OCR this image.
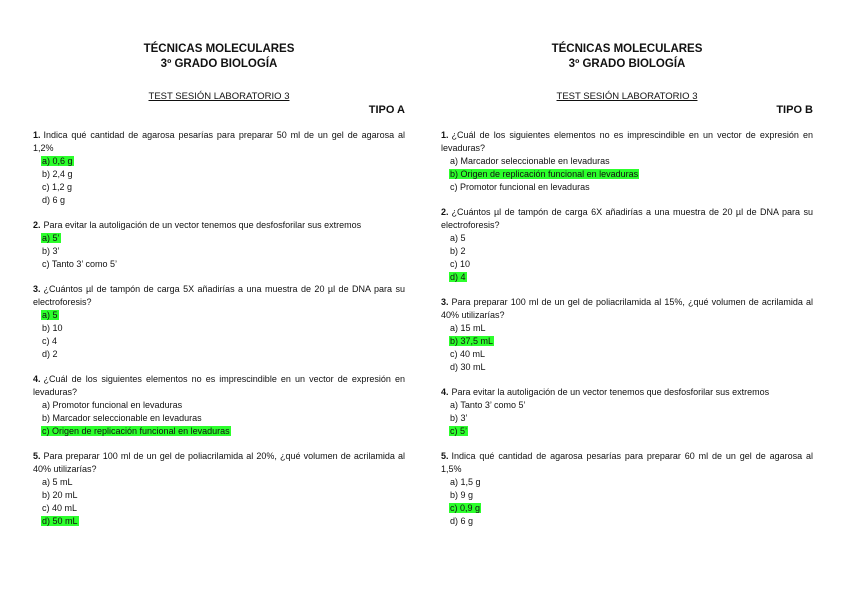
TÉCNICAS MOLECULARES
3º GRADO BIOLOGÍA
TEST SESIÓN LABORATORIO 3
TIPO A
1. Indica qué cantidad de agarosa pesarías para preparar 50 ml de un gel de agarosa al 1,2%
a) 0,6 g
b) 2,4 g
c) 1,2 g
d) 6 g
2. Para evitar la autoligación de un vector tenemos que desfosforilar sus extremos
a) 5’
b) 3’
c) Tanto 3’ como 5’
3. ¿Cuántos µl de tampón de carga 5X añadirías a una muestra de 20 µl de DNA para su electroforesis?
a) 5
b) 10
c) 4
d) 2
4. ¿Cuál de los siguientes elementos no es imprescindible en un vector de expresión en levaduras?
a) Promotor funcional en levaduras
b) Marcador seleccionable en levaduras
c) Origen de replicación funcional en levaduras
5. Para preparar 100 ml de un gel de poliacrilamida al 20%, ¿qué volumen de acrilamida al 40% utilizarías?
a) 5 mL
b) 20 mL
c) 40 mL
d) 50 mL
TÉCNICAS MOLECULARES
3º GRADO BIOLOGÍA
TEST SESIÓN LABORATORIO 3
TIPO B
1. ¿Cuál de los siguientes elementos no es imprescindible en un vector de expresión en levaduras?
a) Marcador seleccionable en levaduras
b) Origen de replicación funcional en levaduras
c) Promotor funcional en levaduras
2. ¿Cuántos µl de tampón de carga 6X añadirías a una muestra de 20 µl de DNA para su electroforesis?
a) 5
b) 2
c) 10
d) 4
3. Para preparar 100 ml de un gel de poliacrilamida al 15%, ¿qué volumen de acrilamida al 40% utilizarías?
a) 15 mL
b) 37,5 mL
c) 40 mL
d) 30 mL
4. Para evitar la autoligación de un vector tenemos que desfosforilar sus extremos
a) Tanto 3’ como 5’
b) 3’
c) 5’
5. Indica qué cantidad de agarosa pesarías para preparar 60 ml de un gel de agarosa al 1,5%
a) 1,5 g
b) 9 g
c) 0,9 g
d) 6 g
